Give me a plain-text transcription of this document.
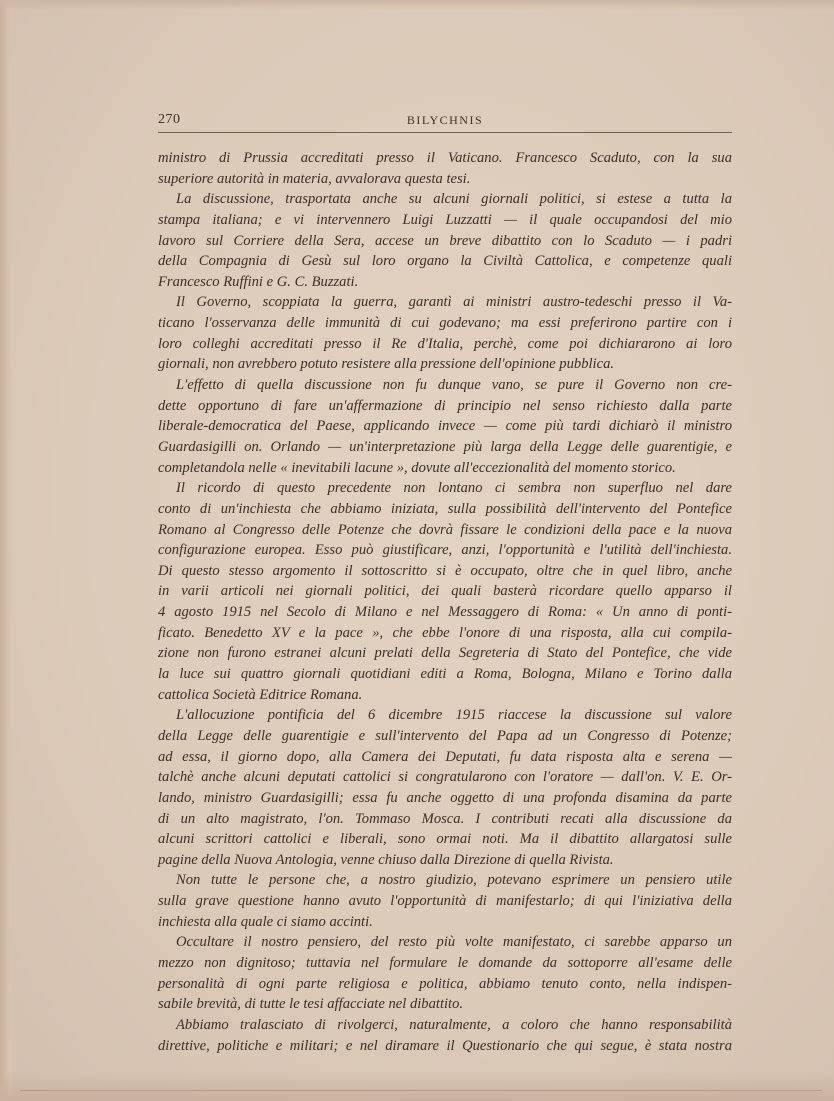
270	BILYCHNIS
ministro di Prussia accreditati presso il Vaticano. Francesco Scaduto, con la sua
superiore autorità in materia, avvalorava questa tesi.
La discussione, trasportata anche su alcuni giornali politici, si estese a tutta la
stampa italiana; e vi intervennero Luigi Luzzatti — il quale occupandosi del mio
lavoro sul Corriere della Sera, accese un breve dibattito con lo Scaduto — i padri
della Compagnia di Gesù sul loro organo la Civiltà Cattolica, e competenze quali
Francesco Ruffini e G. C. Buzzati.
Il Governo, scoppiata la guerra, garantì ai ministri austro-tedeschi presso il Va-
ticano l'osservanza delle immunità di cui godevano; ma essi preferirono partire con i
loro colleghi accreditati presso il Re d'Italia, perchè, come poi dichiararono ai loro
giornali, non avrebbero potuto resistere alla pressione dell'opinione pubblica.
L'effetto di quella discussione non fu dunque vano, se pure il Governo non cre-
dette opportuno di fare un'affermazione di principio nel senso richiesto dalla parte
liberale-democratica del Paese, applicando invece — come più tardi dichiarò il ministro
Guardasigilli on. Orlando — un'interpretazione più larga della Legge delle guarentigie, e
completandola nelle « inevitabili lacune », dovute all'eccezionalità del momento storico.
Il ricordo di questo precedente non lontano ci sembra non superfluo nel dare
conto di un'inchiesta che abbiamo iniziata, sulla possibilità dell'intervento del Pontefice
Romano al Congresso delle Potenze che dovrà fissare le condizioni della pace e la nuova
configurazione europea. Esso può giustificare, anzi, l'opportunità e l'utilità dell'inchiesta.
Di questo stesso argomento il sottoscritto si è occupato, oltre che in quel libro, anche
in varii articoli nei giornali politici, dei quali basterà ricordare quello apparso il
4 agosto 1915 nel Secolo di Milano e nel Messaggero di Roma: « Un anno di ponti-
ficato. Benedetto XV e la pace », che ebbe l'onore di una risposta, alla cui compila-
zione non furono estranei alcuni prelati della Segreteria di Stato del Pontefice, che vide
la luce sui quattro giornali quotidiani editi a Roma, Bologna, Milano e Torino dalla
cattolica Società Editrice Romana.
L'allocuzione pontificia del 6 dicembre 1915 riaccese la discussione sul valore
della Legge delle guarentigie e sull'intervento del Papa ad un Congresso di Potenze;
ad essa, il giorno dopo, alla Camera dei Deputati, fu data risposta alta e serena —
talchè anche alcuni deputati cattolici si congratularono con l'oratore — dall'on. V. E. Or-
lando, ministro Guardasigilli; essa fu anche oggetto di una profonda disamina da parte
di un alto magistrato, l'on. Tommaso Mosca. I contributi recati alla discussione da
alcuni scrittori cattolici e liberali, sono ormai noti. Ma il dibattito allargatosi sulle
pagine della Nuova Antologia, venne chiuso dalla Direzione di quella Rivista.
Non tutte le persone che, a nostro giudizio, potevano esprimere un pensiero utile
sulla grave questione hanno avuto l'opportunità di manifestarlo; di qui l'iniziativa della
inchiesta alla quale ci siamo accinti.
Occultare il nostro pensiero, del resto più volte manifestato, ci sarebbe apparso un
mezzo non dignitoso; tuttavia nel formulare le domande da sottoporre all'esame delle
personalità di ogni parte religiosa e politica, abbiamo tenuto conto, nella indispen-
sabile brevità, di tutte le tesi affacciate nel dibattito.
Abbiamo tralasciato di rivolgerci, naturalmente, a coloro che hanno responsabilità
direttive, politiche e militari; e nel diramare il Questionario che qui segue, è stata nostra
